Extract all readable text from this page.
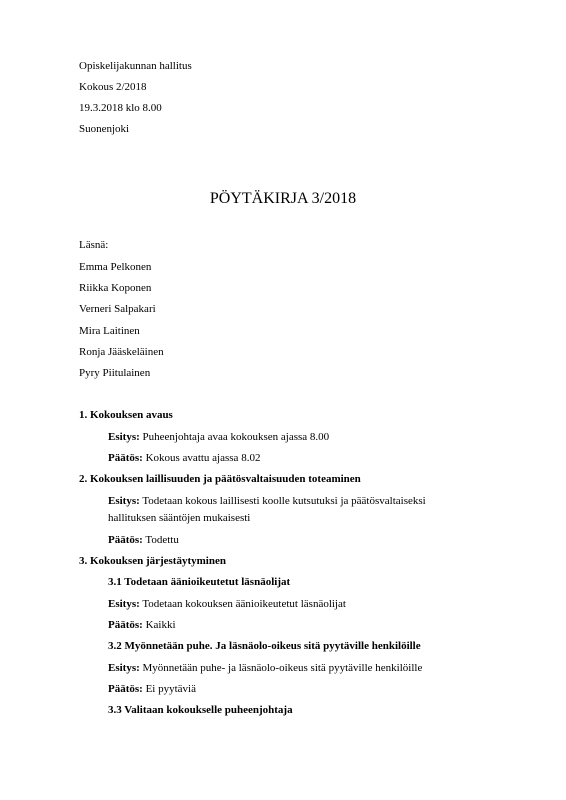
Opiskelijakunnan hallitus
Kokous 2/2018
19.3.2018 klo 8.00
Suonenjoki
PÖYTÄKIRJA 3/2018
Läsnä:
Emma Pelkonen
Riikka Koponen
Verneri Salpakari
Mira Laitinen
Ronja Jääskeläinen
Pyry Piitulainen
1. Kokouksen avaus
Esitys: Puheenjohtaja avaa kokouksen ajassa 8.00
Päätös: Kokous avattu ajassa 8.02
2. Kokouksen laillisuuden ja päätösvaltaisuuden toteaminen
Esitys: Todetaan kokous laillisesti koolle kutsutuksi ja päätösvaltaiseksi
hallituksen sääntöjen mukaisesti
Päätös: Todettu
3. Kokouksen järjestäytyminen
3.1 Todetaan äänioikeutetut läsnäolijat
Esitys: Todetaan kokouksen äänioikeutetut läsnäolijat
Päätös: Kaikki
3.2 Myönnetään puhe. Ja läsnäolo-oikeus sitä pyytäville henkilöille
Esitys: Myönnetään puhe- ja läsnäolo-oikeus sitä pyytäville henkilöille
Päätös: Ei pyytäviä
3.3 Valitaan kokoukselle puheenjohtaja
